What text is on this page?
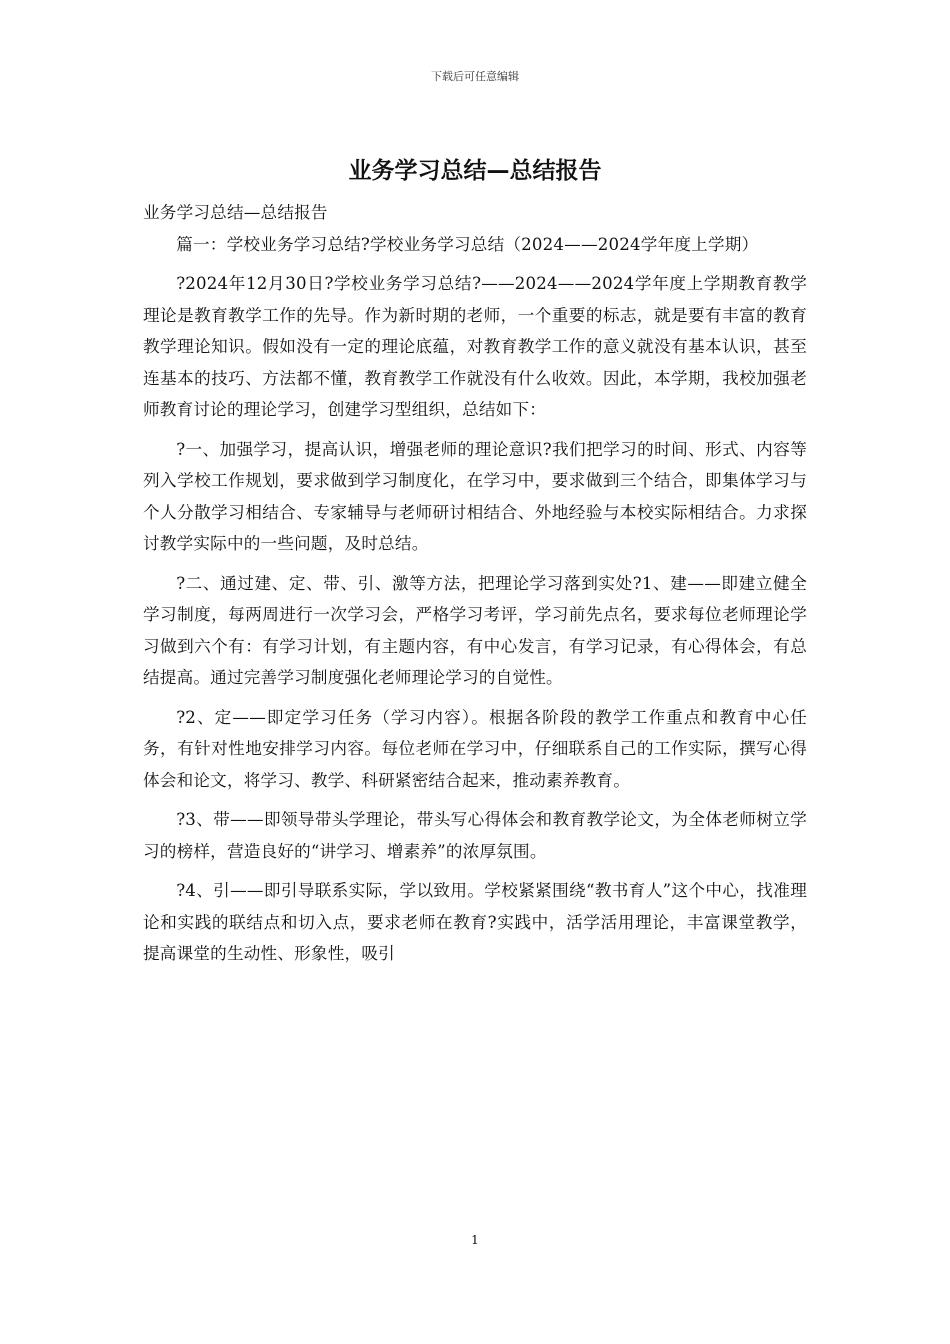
下载后可任意编辑
业务学习总结—总结报告

业务学习总结—总结报告

篇一：学校业务学习总结?学校业务学习总结（2024——2024学年度上学期）

?2024年12月30日?学校业务学习总结?——2024——2024学年度上学期教育教学理论是教育教学工作的先导。作为新时期的老师，一个重要的标志，就是要有丰富的教育教学理论知识。假如没有一定的理论底蕴，对教育教学工作的意义就没有基本认识，甚至连基本的技巧、方法都不懂，教育教学工作就没有什么收效。因此，本学期，我校加强老师教育讨论的理论学习，创建学习型组织，总结如下：

?一、加强学习，提高认识，增强老师的理论意识?我们把学习的时间、形式、内容等列入学校工作规划，要求做到学习制度化，在学习中，要求做到三个结合，即集体学习与个人分散学习相结合、专家辅导与老师研讨相结合、外地经验与本校实际相结合。力求探讨教学实际中的一些问题，及时总结。

?二、通过建、定、带、引、激等方法，把理论学习落到实处?1、建——即建立健全学习制度，每两周进行一次学习会，严格学习考评，学习前先点名，要求每位老师理论学习做到六个有：有学习计划，有主题内容，有中心发言，有学习记录，有心得体会，有总结提高。通过完善学习制度强化老师理论学习的自觉性。

?2、定——即定学习任务（学习内容）。根据各阶段的教学工作重点和教育中心任务，有针对性地安排学习内容。每位老师在学习中，仔细联系自己的工作实际，撰写心得体会和论文，将学习、教学、科研紧密结合起来，推动素养教育。

?3、带——即领导带头学理论，带头写心得体会和教育教学论文，为全体老师树立学习的榜样，营造良好的“讲学习、增素养”的浓厚氛围。

?4、引——即引导联系实际，学以致用。学校紧紧围绕“教书育人”这个中心，找准理论和实践的联结点和切入点，要求老师在教育?实践中，活学活用理论，丰富课堂教学，提高课堂的生动性、形象性，吸引

1
